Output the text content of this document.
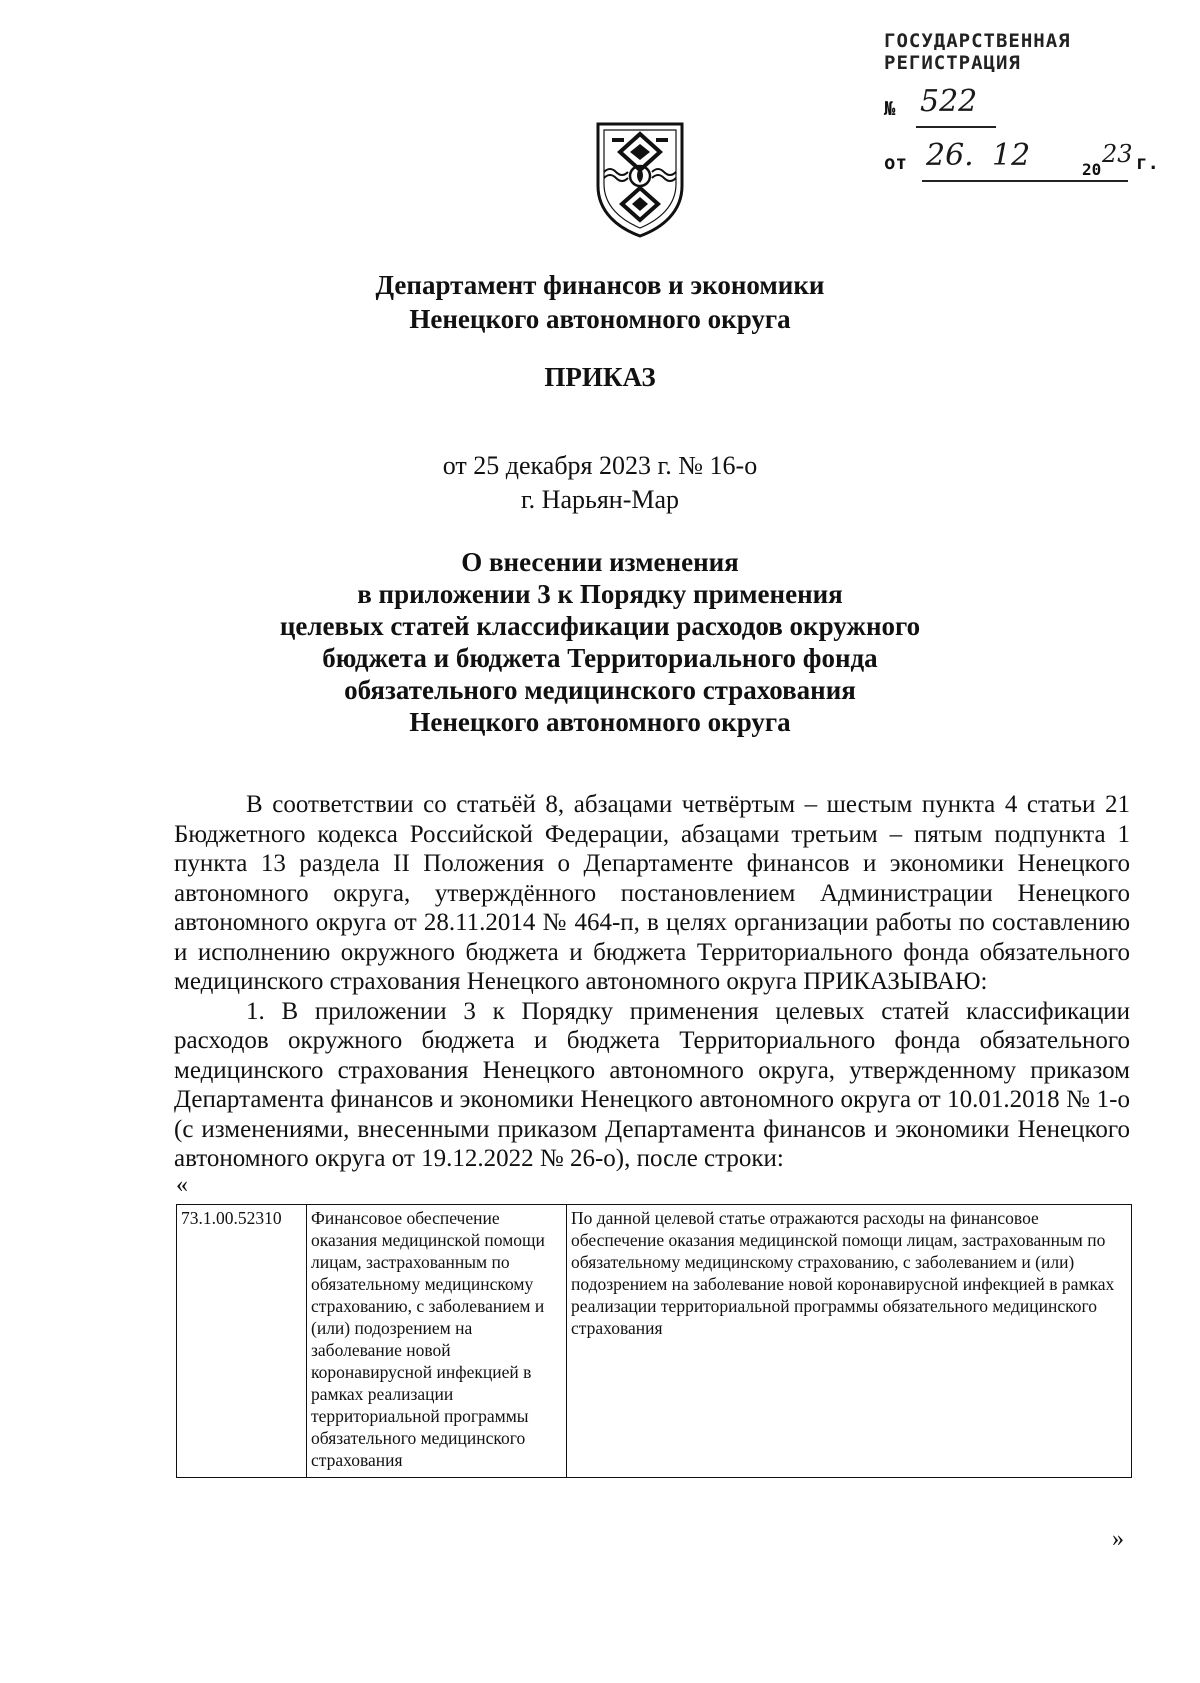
ГОСУДАРСТВЕННАЯ РЕГИСТРАЦИЯ
№ 522
от 26. 12	20
23 г.
Департамент финансов и экономики
Ненецкого автономного округа
ПРИКАЗ
от 25 декабря 2023 г. № 16-о
г. Нарьян-Мар
О внесении изменения
в приложении 3 к Порядку применения
целевых статей классификации расходов окружного
бюджета и бюджета Территориального фонда
обязательного медицинского страхования
Ненецкого автономного округа

В соответствии со статьёй 8, абзацами четвёртым – шестым пункта 4 статьи 21 Бюджетного кодекса Российской Федерации, абзацами третьим – пятым подпункта 1 пункта 13 раздела II Положения о Департаменте финансов и экономики Ненецкого автономного округа, утверждённого постановлением Администрации Ненецкого автономного округа от 28.11.2014 № 464-п, в целях организации работы по составлению и исполнению окружного бюджета и бюджета Территориального фонда обязательного медицинского страхования Ненецкого автономного округа ПРИКАЗЫВАЮ:

1. В приложении 3 к Порядку применения целевых статей классификации расходов окружного бюджета и бюджета Территориального фонда обязательного медицинского страхования Ненецкого автономного округа, утвержденному приказом Департамента финансов и экономики Ненецкого автономного округа от 10.01.2018 № 1-о (с изменениями, внесенными приказом Департамента финансов и экономики Ненецкого автономного округа от 19.12.2022 № 26-о), после строки:

«
73.1.00.52310	Финансовое обеспечение оказания медицинской помощи лицам, застрахованным по обязательному медицинскому страхованию, с заболеванием и (или) подозрением на заболевание новой коронавирусной инфекцией в рамках реализации территориальной программы обязательного медицинского страхования	По данной целевой статье отражаются расходы на финансовое обеспечение оказания медицинской помощи лицам, застрахованным по обязательному медицинскому страхованию, с заболеванием и (или) подозрением на заболевание новой коронавирусной инфекцией в рамках реализации территориальной программы обязательного медицинского страхования
»
